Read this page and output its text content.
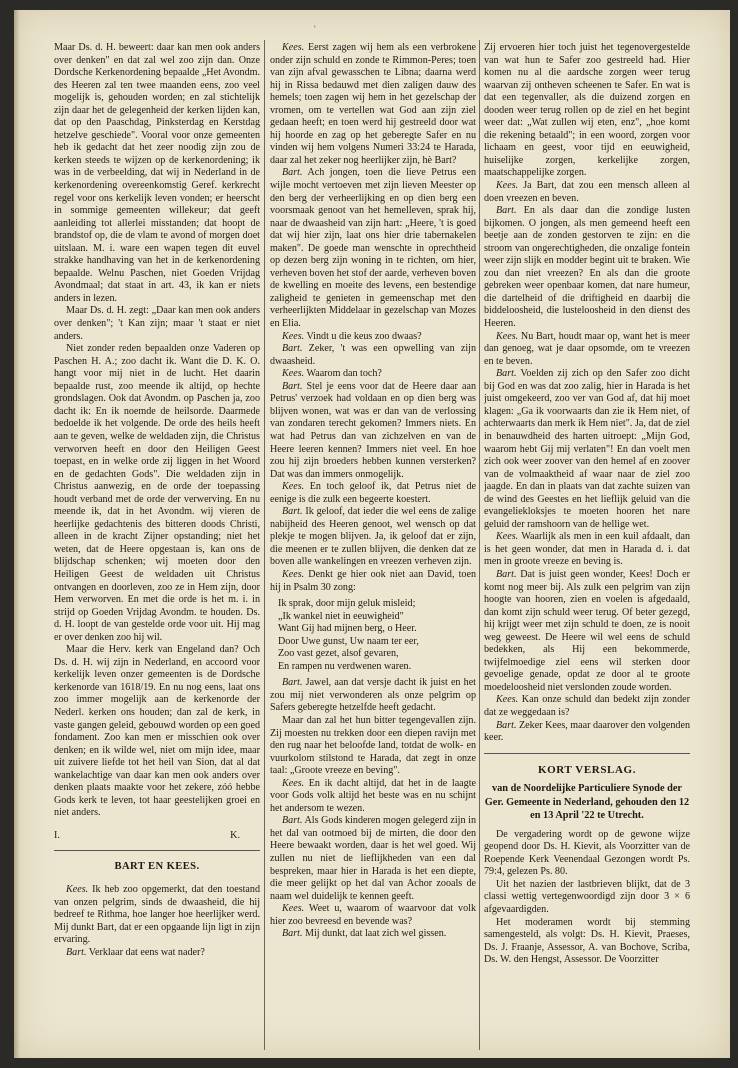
'

Maar Ds. d. H. beweert: daar kan men ook anders over denken" en dat zal wel zoo zijn dan. Onze Dordsche Kerkenordening bepaalde „Het Avondm. des Heeren zal ten twee maanden eens, zoo veel mogelijk is, gehouden worden; en zal stichtelijk zijn daar het de gelegenheid der kerken lijden kan, dat op den Paaschdag, Pinksterdag en Kerstdag hetzelve geschiede". Vooral voor onze gemeenten heb ik gedacht dat het zeer noodig zijn zou de kerken steeds te wijzen op de kerkenordening; ik was in de verbeelding, dat wij in Nederland in de kerkenordening overeenkomstig Geref. kerkrecht regel voor ons kerkelijk leven vonden; er heerscht in sommige gemeenten willekeur; dat geeft aanleiding tot allerlei misstanden; dat hoopt de brandstof op, die de vlam te avond of morgen doet uitslaan. M. i. ware een wapen tegen dit euvel strakke handhaving van het in de kerkenordening bepaalde. Welnu Paschen, niet Goeden Vrijdag Avondmaal; dat staat in art. 43, ik kan er niets anders in lezen.

Maar Ds. d. H. zegt: „Daar kan men ook anders over denken"; 't Kan zijn; maar 't staat er niet anders.

Niet zonder reden bepaalden onze Vaderen op Paschen H. A.; zoo dacht ik. Want die D. K. O. hangt voor mij niet in de lucht. Het daarin bepaalde rust, zoo meende ik altijd, op hechte grondslagen. Ook dat Avondm. op Paschen ja, zoo dacht ik: En ik noemde de heilsorde. Daarmede bedoelde ik het volgende. De orde des heils heeft aan te geven, welke de weldaden zijn, die Christus verworven heeft en door den Heiligen Geest toepast, en in welke orde zij liggen in het Woord en de gedachten Gods". Die weldaden zijn in Christus aanwezig, en de orde der toepassing houdt verband met de orde der verwerving. En nu meende ik, dat in het Avondm. wij vieren de heerlijke gedachtenis des bitteren doods Christi, alleen in de kracht Zijner opstanding; niet het weten, dat de Heere opgestaan is, kan ons de blijdschap schenken; wij moeten door den Heiligen Geest de weldaden uit Christus ontvangen en doorleven, zoo ze in Hem zijn, door Hem verworven. En met die orde is het m. i. in strijd op Goeden Vrijdag Avondm. te houden. Ds. d. H. loopt de van gestelde orde voor uit. Hij mag er over denken zoo hij wil.

Maar die Herv. kerk van Engeland dan? Och Ds. d. H. wij zijn in Nederland, en accoord voor kerkelijk leven onzer gemeenten is de Dordsche kerkenorde van 1618/19. En nu nog eens, laat ons zoo immer mogelijk aan de kerkenorde der Nederl. kerken ons houden; dan zal de kerk, in vaste gangen geleid, gebouwd worden op een goed fondament. Zoo kan men er misschien ook over denken; en ik wilde wel, niet om mijn idee, maar uit zuivere liefde tot het heil van Sion, dat al dat wankelachtige van daar kan men ook anders over denken plaats maakte voor het zekere, zóó hebbe Gods kerk te leven, tot haar geestelijken groei en niet anders.

I.	K.
BART EN KEES.

Kees. Ik heb zoo opgemerkt, dat den toestand van onzen pelgrim, sinds de dwaasheid, die hij bedreef te Rithma, hoe langer hoe heerlijker werd. Mij dunkt Bart, dat er een opgaande lijn ligt in zijn ervaring.

Bart. Verklaar dat eens wat nader?

Kees. Eerst zagen wij hem als een verbrokene onder zijn schuld en zonde te Rimmon-Peres; toen van zijn afval gewasschen te Libna; daarna werd hij in Rissa bedauwd met dien zaligen dauw des hemels; toen zagen wij hem in het gezelschap der vromen, om te vertellen wat God aan zijn ziel gedaan heeft; en toen werd hij gestreeld door wat hij hoorde en zag op het geberegte Safer en nu vinden wij hem volgens Numeri 33:24 te Harada, daar zal het zeker nog heerlijker zijn, hè Bart?

Bart. Ach jongen, toen die lieve Petrus een wijle mocht vertoeven met zijn lieven Meester op den berg der verheerlijking en op dien berg een voorsmaak genoot van het hemelleven, sprak hij, naar de dwaasheid van zijn hart: „Heere, 't is goed dat wij hier zijn, laat ons hier drie tabernakelen maken". De goede man wenschte in oprechtheid op dezen berg zijn woning in te richten, om hier, verheven boven het stof der aarde, verheven boven de kwelling en moeite des levens, een bestendige zaligheid te genieten in gemeenschap met den verheerlijkten Middelaar in gezelschap van Mozes en Elia.

Kees. Vindt u die keus zoo dwaas?

Bart. Zeker, 't was een opwelling van zijn dwaasheid.

Kees. Waarom dan toch?

Bart. Stel je eens voor dat de Heere daar aan Petrus' verzoek had voldaan en op dien berg was blijven wonen, wat was er dan van de verlossing van zondaren terecht gekomen? Immers niets. En wat had Petrus dan van zichzelven en van de Heere leeren kennen? Immers niet veel. En hoe zou hij zijn broeders hebben kunnen versterken? Dat was dan immers onmogelijk.

Kees. En toch geloof ik, dat Petrus niet de eenige is die zulk een begeerte koestert.

Bart. Ik geloof, dat ieder die wel eens de zalige nabijheid des Heeren genoot, wel wensch op dat plekje te mogen blijven. Ja, ik geloof dat er zijn, die meenen er te zullen blijven, die denken dat ze boven alle wankelingen en vreezen verheven zijn.

Kees. Denkt ge hier ook niet aan David, toen hij in Psalm 30 zong:

Ik sprak, door mijn geluk misleid;
„Ik wankel niet in eeuwigheid"
Want Gij had mijnen berg, o Heer.
Door Uwe gunst, Uw naam ter eer,
Zoo vast gezet, alsof gevaren,
En rampen nu verdwenen waren.

Bart. Jawel, aan dat versje dacht ik juist en het zou mij niet verwonderen als onze pelgrim op Safers geberegte hetzelfde heeft gedacht.

Maar dan zal het hun bitter tegengevallen zijn. Zij moesten nu trekken door een diepen ravijn met den rug naar het beloofde land, totdat de wolk- en vuurkolom stilstond te Harada, dat zegt in onze taal: „Groote vreeze en beving".

Kees. En ik dacht altijd, dat het in de laagte voor Gods volk altijd het beste was en nu schijnt het andersom te wezen.

Bart. Als Gods kinderen mogen gelegerd zijn in het dal van ootmoed bij de mirten, die door den Heere bewaakt worden, daar is het wel goed. Wij zullen nu niet de lieflijkheden van een dal bespreken, maar hier in Harada is het een diepte, die meer gelijkt op het dal van Achor zooals de naam wel duidelijk te kennen geeft.

Kees. Weet u, waarom of waarvoor dat volk hier zoo bevreesd en bevende was?

Bart. Mij dunkt, dat laat zich wel gissen.

Zij ervoeren hier toch juist het tegenovergestelde van wat hun te Safer zoo gestreeld had. Hier komen nu al die aardsche zorgen weer terug waarvan zij ontheven scheenen te Safer. En wat is dat een tegenvaller, als die duizend zorgen en dooden weer terug rollen op de ziel en het begint weer dat: „Wat zullen wij eten, enz", „hoe komt die rekening betaald"; in een woord, zorgen voor lichaam en geest, voor tijd en eeuwigheid, huiselijke zorgen, kerkelijke zorgen, maatschappelijke zorgen.

Kees. Ja Bart, dat zou een mensch alleen al doen vreezen en beven.

Bart. En als daar dan die zondige lusten bijkomen. O jongen, als men gemeend heeft een beetje aan de zonden gestorven te zijn: en die stroom van ongerechtigheden, die onzalige fontein weer zijn slijk en modder begint uit te braken. Wie zou dan niet vreezen? En als dan die groote gebreken weer openbaar komen, dat nare humeur, die dartelheid of die driftigheid en daarbij die biddeloosheid, die lusteloosheid in den dienst des Heeren.

Kees. Nu Bart, houdt maar op, want het is meer dan genoeg, wat je daar opsomde, om te vreezen en te beven.

Bart. Voelden zij zich op den Safer zoo dicht bij God en was dat zoo zalig, hier in Harada is het juist omgekeerd, zoo ver van God af, dat hij moet klagen: „Ga ik voorwaarts dan zie ik Hem niet, of achterwaarts dan merk ik Hem niet". Ja, dat de ziel in benauwdheid des harten uitroept: „Mijn God, waarom hebt Gij mij verlaten"! En dan voelt men zich ook weer zoover van den hemel af en zoover van de volmaaktheid af waar naar de ziel zoo jaagde. En dan in plaats van dat zachte suizen van de wind des Geestes en het lieflijk geluid van die evangeliekloksjes te moeten hooren het nare geluid der ramshoorn van de hellige wet.

Kees. Waarlijk als men in een kuil afdaalt, dan is het geen wonder, dat men in Harada d. i. dat men in groote vreeze en beving is.

Bart. Dat is juist geen wonder, Kees! Doch er komt nog meer bij. Als zulk een pelgrim van zijn hoogte van hooren, zien en voelen is afgedaald, dan komt zijn schuld weer terug. Of beter gezegd, hij krijgt weer met zijn schuld te doen, ze is nooit weg geweest. De Heere wil wel eens de schuld bedekken, als Hij een bekommerde, twijfelmoedige ziel eens wil sterken door gevoelige genade, opdat ze door al te groote moedeloosheid niet verslonden zoude worden.

Kees. Kan onze schuld dan bedekt zijn zonder dat ze weggedaan is?

Bart. Zeker Kees, maar daarover den volgenden keer.

KORT VERSLAG.
van de Noordelijke Particuliere Synode der Ger. Gemeente in Nederland, gehouden den 12 en 13 April '22 te Utrecht.

De vergadering wordt op de gewone wijze geopend door Ds. H. Kievit, als Voorzitter van de Roepende Kerk Veenendaal Gezongen wordt Ps. 79:4, gelezen Ps. 80.

Uit het nazien der lastbrieven blijkt, dat de 3 classi wettig vertegenwoordigd zijn door 3 × 6 afgevaardigden.

Het moderamen wordt bij stemming samengesteld, als volgt: Ds. H. Kievit, Praeses, Ds. J. Fraanje, Assessor, A. van Bochove, Scriba, Ds. W. den Hengst, Assessor. De Voorzitter
